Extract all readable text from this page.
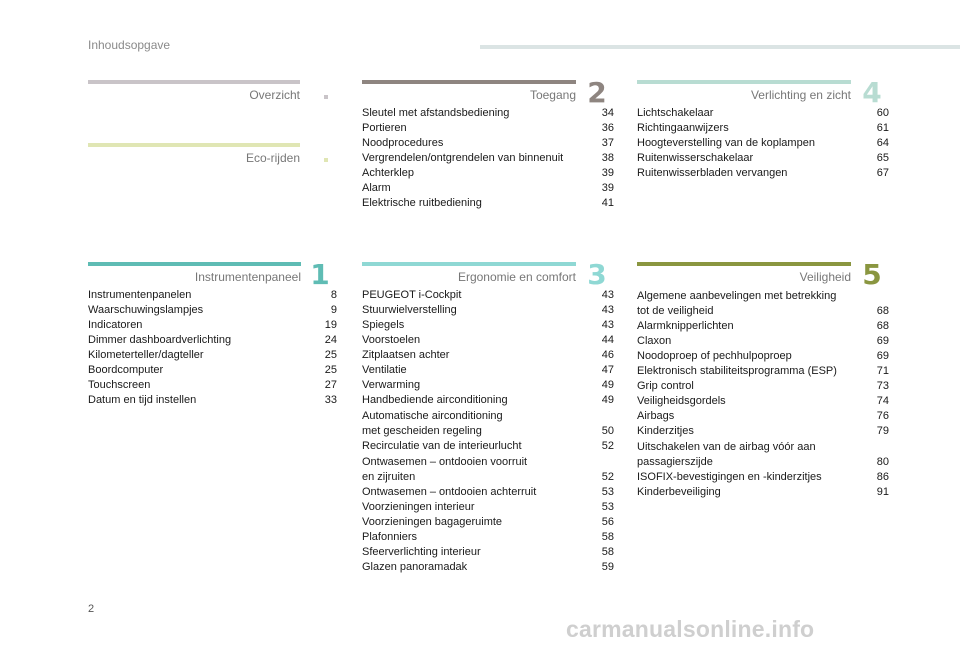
Inhoudsopgave
Overzicht
Eco-rijden
Toegang 2
Sleutel met afstandsbediening	34
Portieren	36
Noodprocedures	37
Vergrendelen/ontgrendelen van binnenuit	38
Achterklep	39
Alarm	39
Elektrische ruitbediening	41
Verlichting en zicht 4
Lichtschakelaar	60
Richtingaanwijzers	61
Hoogteverstelling van de koplampen	64
Ruitenwisserschakelaar	65
Ruitenwisserbladen vervangen	67
Instrumentenpaneel 1
Instrumentenpanelen	8
Waarschuwingslampjes	9
Indicatoren	19
Dimmer dashboardverlichting	24
Kilometerteller/dagteller	25
Boordcomputer	25
Touchscreen	27
Datum en tijd instellen	33
Ergonomie en comfort 3
PEUGEOT i-Cockpit	43
Stuurwielverstelling	43
Spiegels	43
Voorstoelen	44
Zitplaatsen achter	46
Ventilatie	47
Verwarming	49
Handbediende airconditioning	49
Automatische airconditioning
met gescheiden regeling	50
Recirculatie van de interieurlucht	52
Ontwasemen – ontdooien voorruit
en zijruiten	52
Ontwasemen – ontdooien achterruit	53
Voorzieningen interieur	53
Voorzieningen bagageruimte	56
Plafonniers	58
Sfeerverlichting interieur	58
Glazen panoramadak	59
Veiligheid 5
Algemene aanbevelingen met betrekking
tot de veiligheid	68
Alarmknipperlichten	68
Claxon	69
Noodoproep of pechhulpoproep	69
Elektronisch stabiliteitsprogramma (ESP)	71
Grip control	73
Veiligheidsgordels	74
Airbags	76
Kinderzitjes	79
Uitschakelen van de airbag vóór aan
passagierszijde	80
ISOFIX-bevestigingen en -kinderzitjes	86
Kinderbeveiliging	91
2
carmanualsonline.info
